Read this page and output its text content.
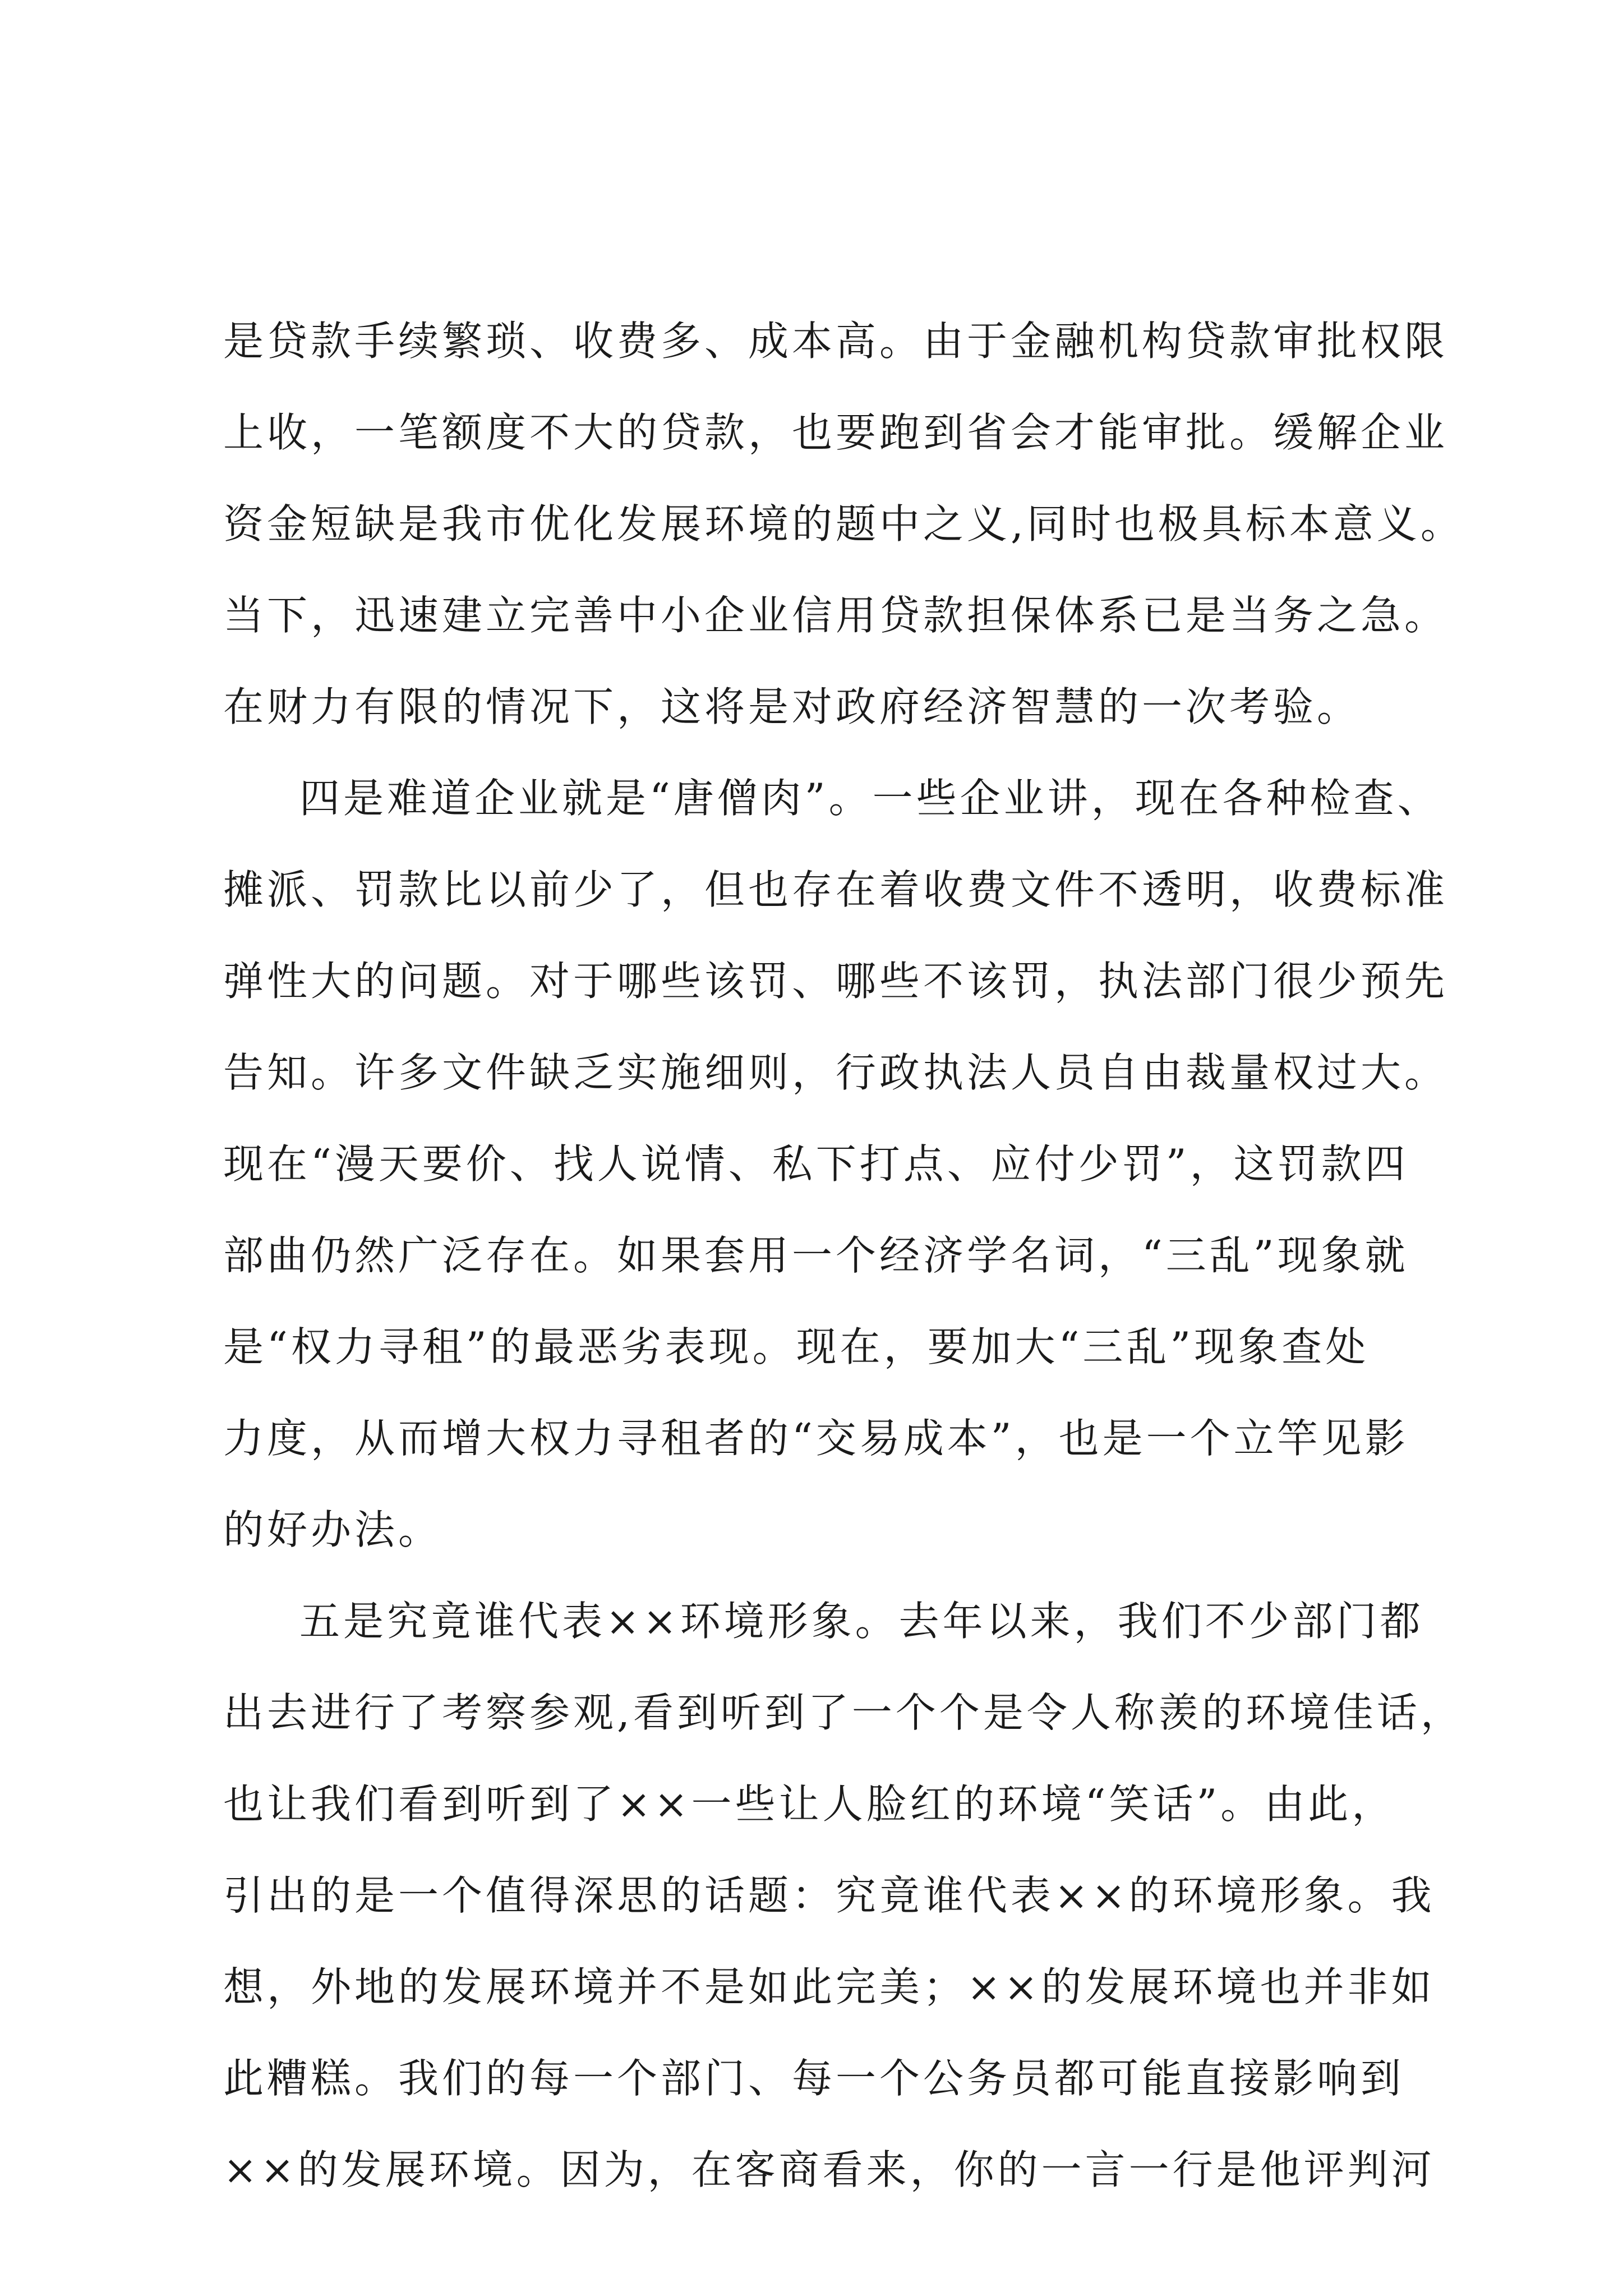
是贷款手续繁琐、收费多、成本高。由于金融机构贷款审批权限
上收，一笔额度不大的贷款，也要跑到省会才能审批。缓解企业
资金短缺是我市优化发展环境的题中之义,同时也极具标本意义。
当下，迅速建立完善中小企业信用贷款担保体系已是当务之急。
在财力有限的情况下，这将是对政府经济智慧的一次考验。
四是难道企业就是“唐僧肉”。一些企业讲，现在各种检查、
摊派、罚款比以前少了，但也存在着收费文件不透明，收费标准
弹性大的问题。对于哪些该罚、哪些不该罚，执法部门很少预先
告知。许多文件缺乏实施细则，行政执法人员自由裁量权过大。
现在“漫天要价、找人说情、私下打点、应付少罚”，这罚款四
部曲仍然广泛存在。如果套用一个经济学名词，“三乱”现象就
是“权力寻租”的最恶劣表现。现在，要加大“三乱”现象查处
力度，从而增大权力寻租者的“交易成本”，也是一个立竿见影
的好办法。
五是究竟谁代表××环境形象。去年以来，我们不少部门都
出去进行了考察参观,看到听到了一个个是令人称羡的环境佳话，
也让我们看到听到了××一些让人脸红的环境“笑话”。由此，
引出的是一个值得深思的话题：究竟谁代表××的环境形象。我
想，外地的发展环境并不是如此完美；××的发展环境也并非如
此糟糕。我们的每一个部门、每一个公务员都可能直接影响到
××的发展环境。因为，在客商看来，你的一言一行是他评判河
